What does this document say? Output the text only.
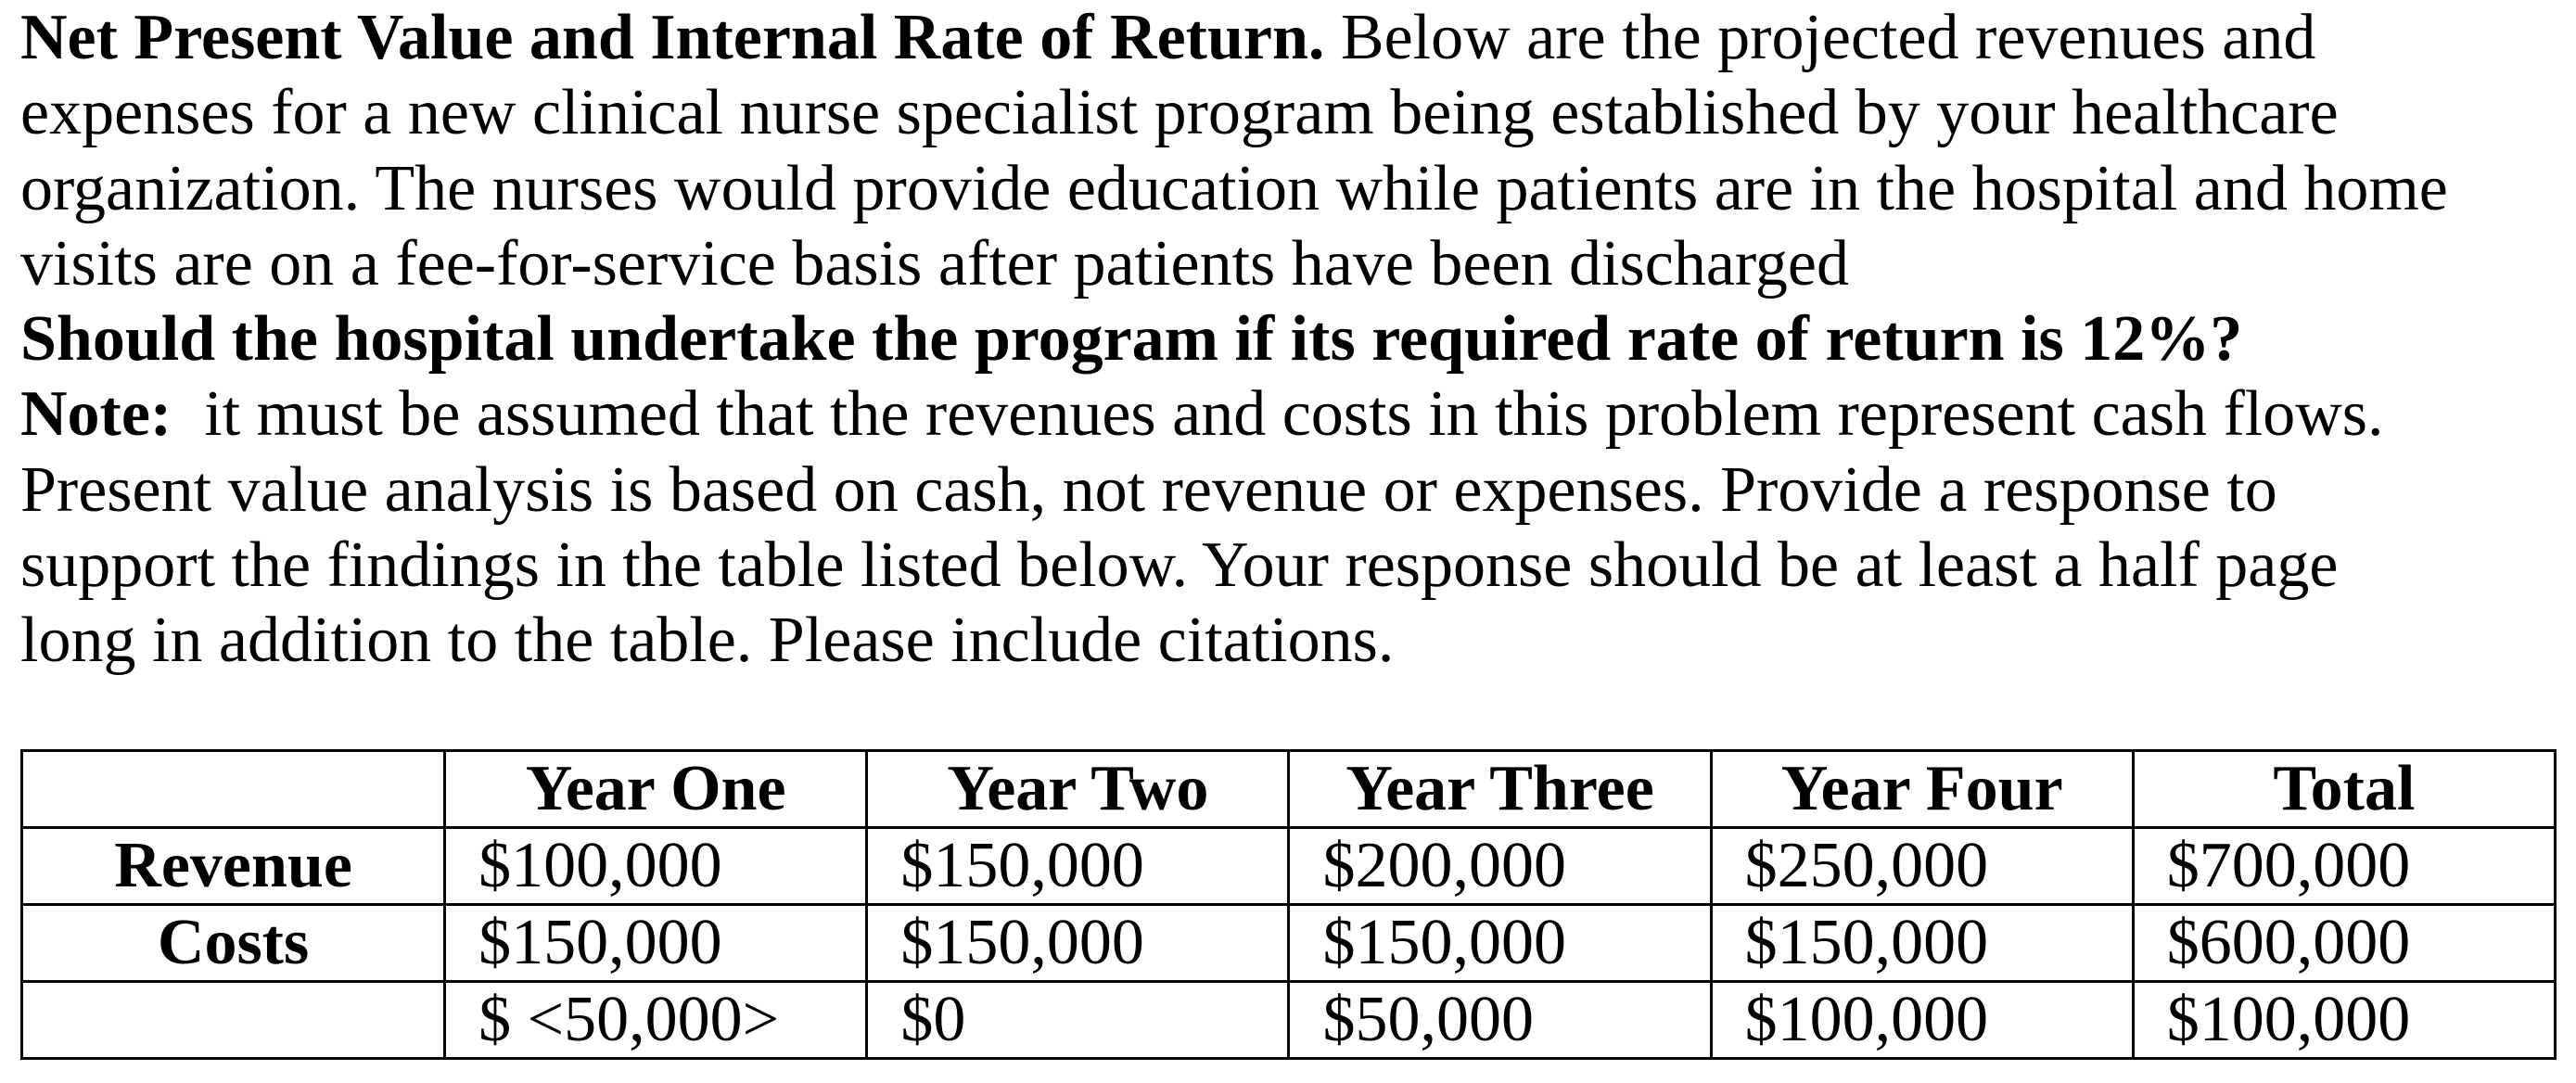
Net Present Value and Internal Rate of Return. Below are the projected revenues and
expenses for a new clinical nurse specialist program being established by your healthcare
organization. The nurses would provide education while patients are in the hospital and home
visits are on a fee-for-service basis after patients have been discharged
Should the hospital undertake the program if its required rate of return is 12%?
Note:  it must be assumed that the revenues and costs in this problem represent cash flows.
Present value analysis is based on cash, not revenue or expenses. Provide a response to
support the findings in the table listed below. Your response should be at least a half page
long in addition to the table. Please include citations.
	Year One	Year Two	Year Three	Year Four	Total
Revenue	$100,000	$150,000	$200,000	$250,000	$700,000
Costs	$150,000	$150,000	$150,000	$150,000	$600,000
	$ <50,000>	$0	$50,000	$100,000	$100,000
